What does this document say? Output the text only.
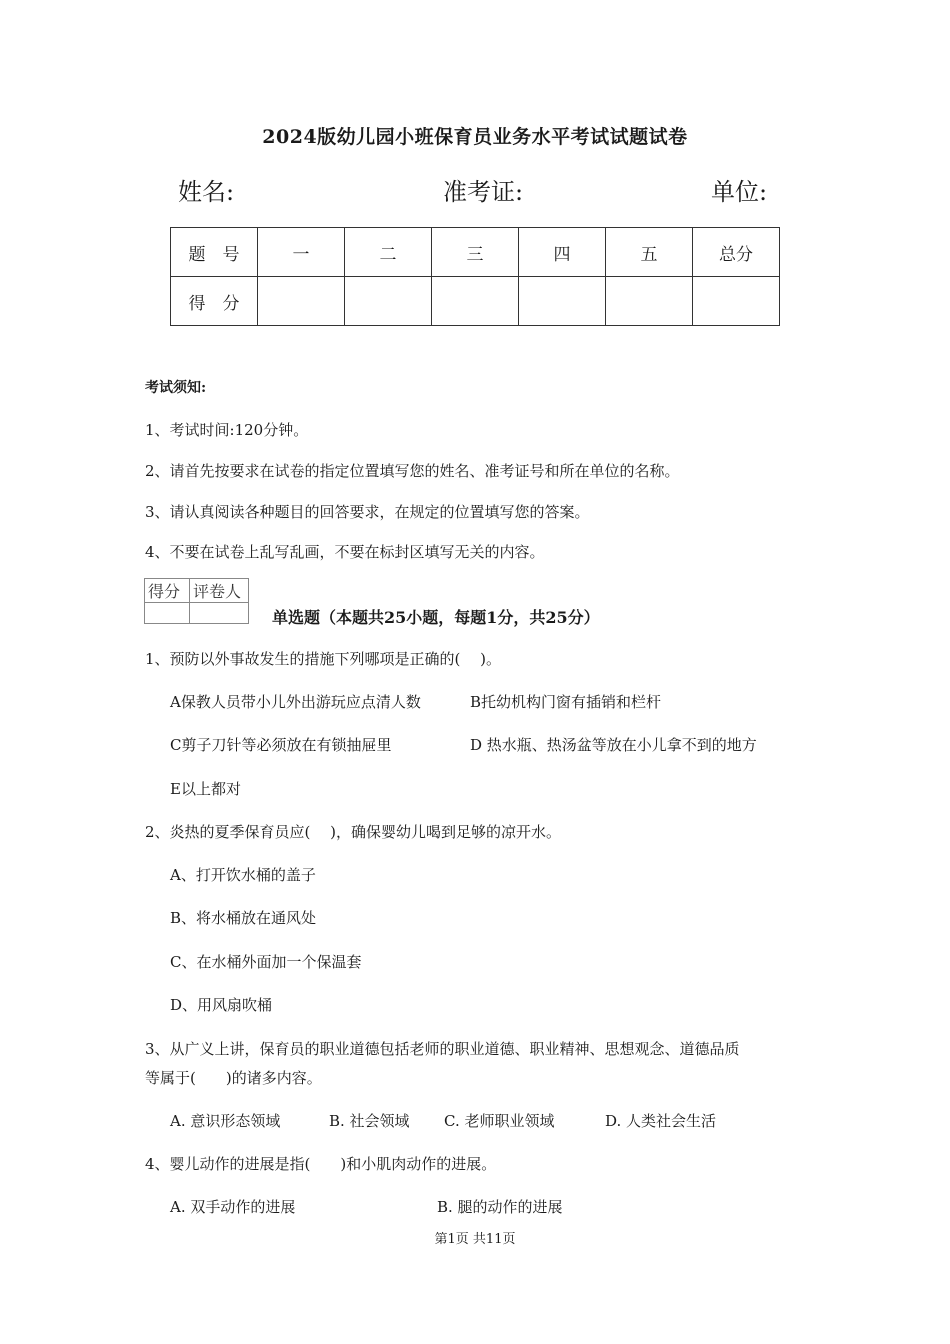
2024版幼儿园小班保育员业务水平考试试题试卷
姓名:	准考证:	单位:
题　号	一	二	三	四	五	总分
得　分						
考试须知:
1、考试时间:120分钟。
2、请首先按要求在试卷的指定位置填写您的姓名、准考证号和所在单位的名称。
3、请认真阅读各种题目的回答要求，在规定的位置填写您的答案。
4、不要在试卷上乱写乱画，不要在标封区填写无关的内容。
得分	评卷人

单选题（本题共25小题，每题1分，共25分）
1、预防以外事故发生的措施下列哪项是正确的(　 )。
A保教人员带小儿外出游玩应点清人数	B托幼机构门窗有插销和栏杆
C剪子刀针等必须放在有锁抽屉里	D 热水瓶、热汤盆等放在小儿拿不到的地方
E以上都对
2、炎热的夏季保育员应(　 )，确保婴幼儿喝到足够的凉开水。
A、打开饮水桶的盖子
B、将水桶放在通风处
C、在水桶外面加一个保温套
D、用风扇吹桶
3、从广义上讲，保育员的职业道德包括老师的职业道德、职业精神、思想观念、道德品质
等属于(　　)的诸多内容。
A. 意识形态领域	B. 社会领域 C. 老师职业领域	D. 人类社会生活
4、婴儿动作的进展是指(　　)和小肌肉动作的进展。
A. 双手动作的进展	B. 腿的动作的进展
第1页 共11页
